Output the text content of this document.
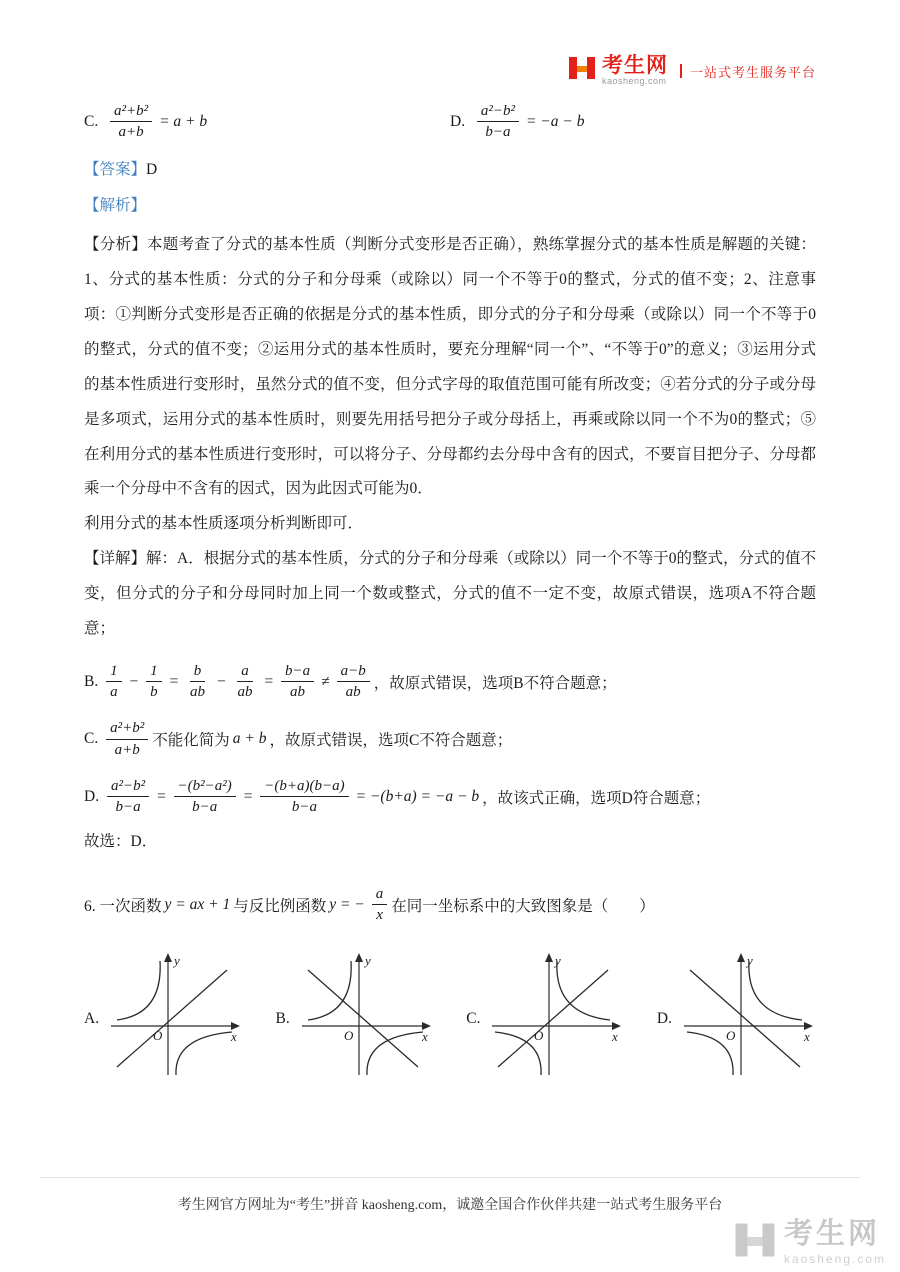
考生网
kaosheng.com
一站式考生服务平台
C. $\frac{\text{a²+b²}}{a+b} = a + b$	D. $\frac{\text{a²−b²}}{b-a} = -a - b$

【答案】D

【解析】

【分析】本题考查了分式的基本性质（判断分式变形是否正确），熟练掌握分式的基本性质是解题的关键：1、分式的基本性质：分式的分子和分母乘（或除以）同一个不等于0的整式，分式的值不变；2、注意事项：①判断分式变形是否正确的依据是分式的基本性质，即分式的分子和分母乘（或除以）同一个不等于0的整式，分式的值不变；②运用分式的基本性质时，要充分理解“同一个”、“不等于0”的意义；③运用分式的基本性质进行变形时，虽然分式的值不变，但分式字母的取值范围可能有所改变；④若分式的分子或分母是多项式，运用分式的基本性质时，则要先用括号把分子或分母括上，再乘或除以同一个不为0的整式；⑤在利用分式的基本性质进行变形时，可以将分子、分母都约去分母中含有的因式，不要盲目把分子、分母都乘一个分母中不含有的因式，因为此因式可能为0．

利用分式的基本性质逐项分析判断即可．

【详解】解：A．根据分式的基本性质，分式的分子和分母乘（或除以）同一个不等于0的整式，分式的值不变，但分式的分子和分母同时加上同一个数或整式，分式的值不一定不变，故原式错误，选项A不符合题意；

B. $\frac{1}{a} - \frac{1}{b} = \frac{b}{ab} - \frac{a}{ab} = \frac{b-a}{ab} \ne \frac{a-b}{ab}$ ，故原式错误，选项B不符合题意；
C. $\frac{\text{a²+b²}}{a+b}$ 不能化简为 a + b ，故原式错误，选项C不符合题意；
D. $\frac{\text{a²−b²}}{b-a} = \frac{\text{−(b²−a²)}}{b-a} = \frac{-(b+a)(b-a)}{b-a} = -(b+a) = -a - b$ ，故该式正确，选项D符合题意；

故选：D．

6. 一次函数 y = ax + 1 与反比例函数 y = − $\frac{a}{x}$ 在同一坐标系中的大致图象是（　　）
A.
y
x
O
B.
y
x
O
C.
y
x
O
D.
y
x
O
考生网官方网址为“考生”拼音 kaosheng.com，诚邀全国合作伙伴共建一站式考生服务平台
考生网
kaosheng.com
